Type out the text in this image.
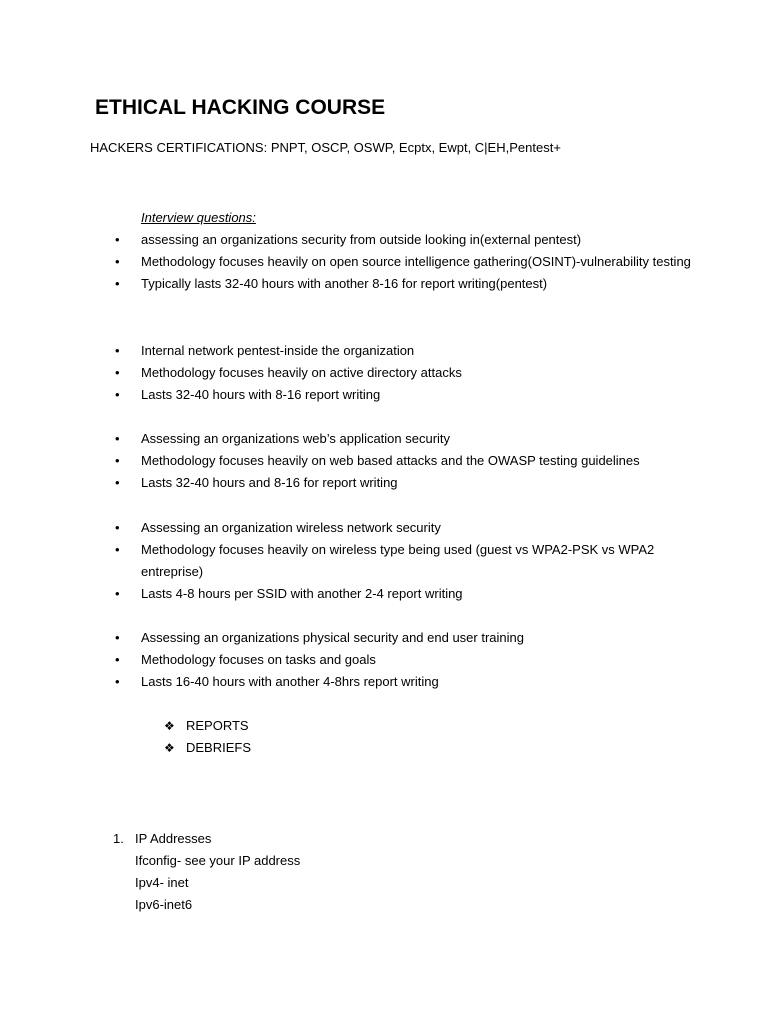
ETHICAL HACKING COURSE
HACKERS CERTIFICATIONS: PNPT, OSCP, OSWP, Ecptx, Ewpt, C|EH,Pentest+
Interview questions:
• assessing an organizations security from outside looking in(external pentest)
• Methodology focuses heavily on open source intelligence gathering(OSINT)-vulnerability testing
• Typically lasts 32-40 hours with another 8-16 for report writing(pentest)
• Internal network pentest-inside the organization
• Methodology focuses heavily on active directory attacks
• Lasts 32-40 hours with 8-16 report writing
• Assessing an organizations web’s application security
• Methodology focuses heavily on web based attacks and the OWASP testing guidelines
• Lasts 32-40 hours and 8-16 for report writing
• Assessing an organization wireless network security
• Methodology focuses heavily on wireless type being used (guest vs WPA2-PSK vs WPA2 entreprise)
• Lasts 4-8 hours per SSID with another 2-4 report writing
• Assessing an organizations physical security and end user training
• Methodology focuses on tasks and goals
• Lasts 16-40 hours with another 4-8hrs report writing
❖ REPORTS
❖ DEBRIEFS
1. IP Addresses
Ifconfig- see your IP address
Ipv4- inet
Ipv6-inet6
